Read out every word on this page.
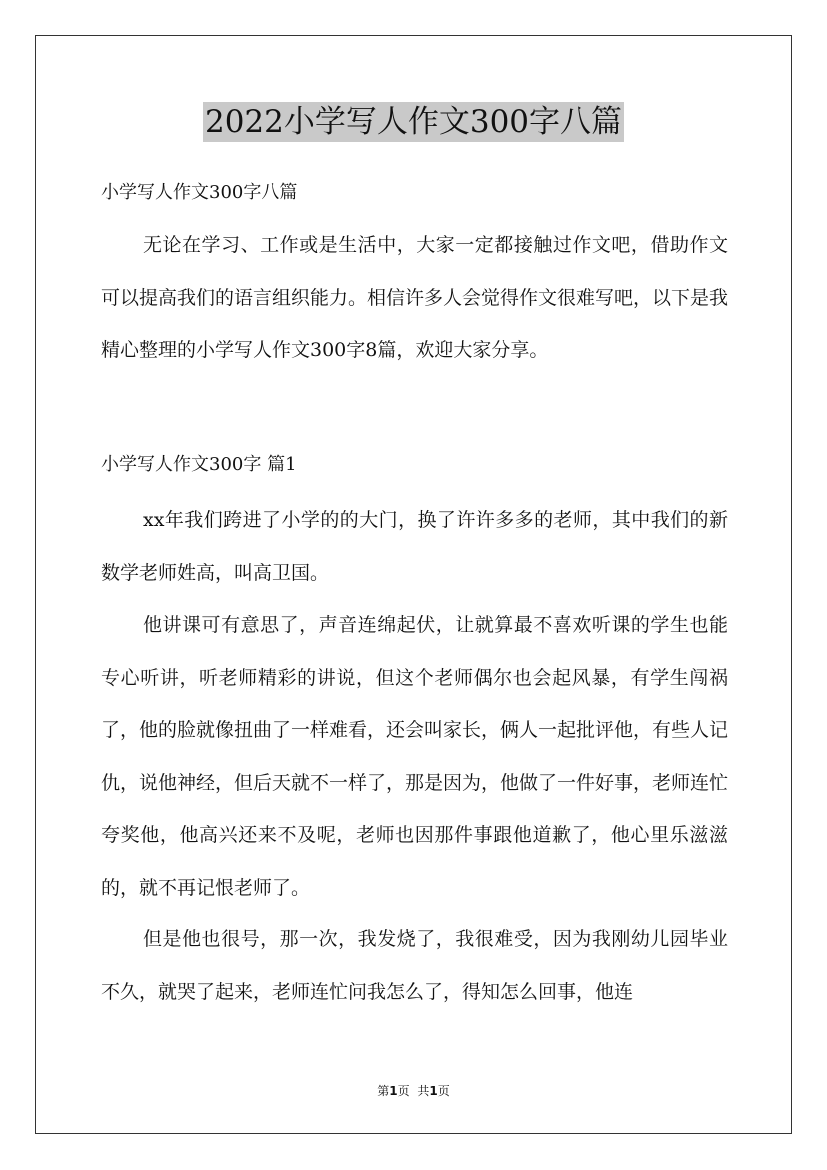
2022小学写人作文300字八篇
小学写人作文300字八篇

无论在学习、工作或是生活中，大家一定都接触过作文吧，借助作文可以提高我们的语言组织能力。相信许多人会觉得作文很难写吧，以下是我精心整理的小学写人作文300字8篇，欢迎大家分享。

小学写人作文300字 篇1

xx年我们跨进了小学的的大门，换了许许多多的老师，其中我们的新数学老师姓高，叫高卫国。

他讲课可有意思了，声音连绵起伏，让就算最不喜欢听课的学生也能专心听讲，听老师精彩的讲说，但这个老师偶尔也会起风暴，有学生闯祸了，他的脸就像扭曲了一样难看，还会叫家长，俩人一起批评他，有些人记仇，说他神经，但后天就不一样了，那是因为，他做了一件好事，老师连忙夸奖他，他高兴还来不及呢，老师也因那件事跟他道歉了，他心里乐滋滋的，就不再记恨老师了。

但是他也很号，那一次，我发烧了，我很难受，因为我刚幼儿园毕业不久，就哭了起来，老师连忙问我怎么了，得知怎么回事，他连

第1页 共1页
